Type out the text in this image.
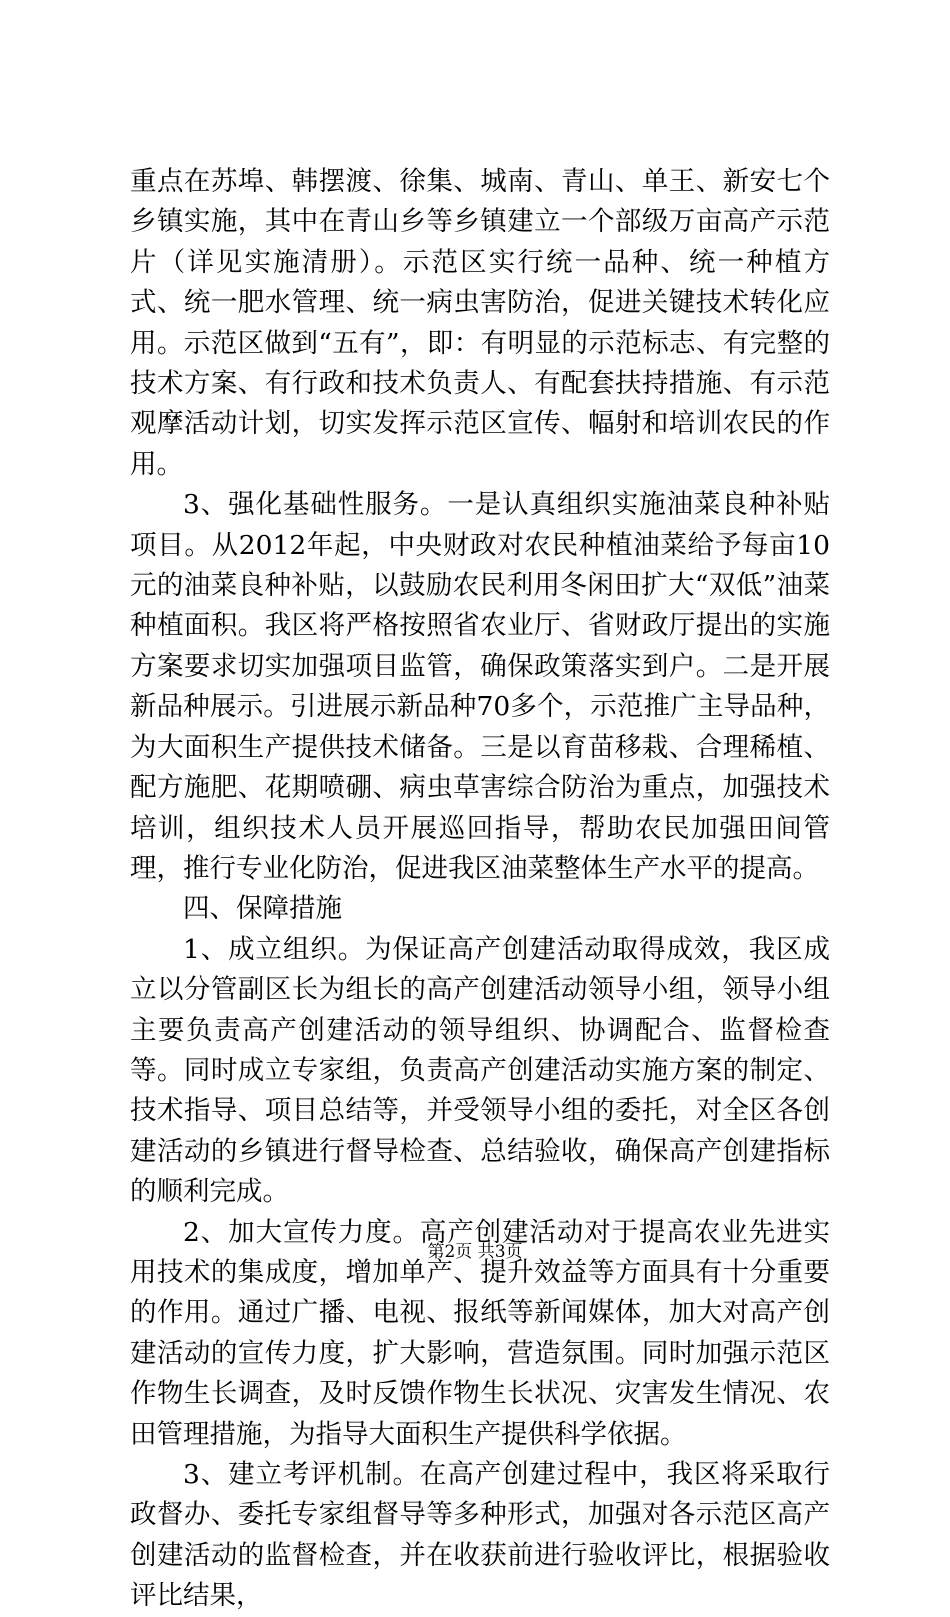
重点在苏埠、韩摆渡、徐集、城南、青山、单王、新安七个乡镇实施，其中在青山乡等乡镇建立一个部级万亩高产示范片（详见实施清册）。示范区实行统一品种、统一种植方式、统一肥水管理、统一病虫害防治，促进关键技术转化应用。示范区做到“五有”，即：有明显的示范标志、有完整的技术方案、有行政和技术负责人、有配套扶持措施、有示范观摩活动计划，切实发挥示范区宣传、幅射和培训农民的作用。

3、强化基础性服务。一是认真组织实施油菜良种补贴项目。从2012年起，中央财政对农民种植油菜给予每亩10元的油菜良种补贴，以鼓励农民利用冬闲田扩大“双低”油菜种植面积。我区将严格按照省农业厅、省财政厅提出的实施方案要求切实加强项目监管，确保政策落实到户。二是开展新品种展示。引进展示新品种70多个，示范推广主导品种，为大面积生产提供技术储备。三是以育苗移栽、合理稀植、配方施肥、花期喷硼、病虫草害综合防治为重点，加强技术培训，组织技术人员开展巡回指导，帮助农民加强田间管理，推行专业化防治，促进我区油菜整体生产水平的提高。

四、保障措施

1、成立组织。为保证高产创建活动取得成效，我区成立以分管副区长为组长的高产创建活动领导小组，领导小组主要负责高产创建活动的领导组织、协调配合、监督检查等。同时成立专家组，负责高产创建活动实施方案的制定、技术指导、项目总结等，并受领导小组的委托，对全区各创建活动的乡镇进行督导检查、总结验收，确保高产创建指标的顺利完成。

2、加大宣传力度。高产创建活动对于提高农业先进实用技术的集成度，增加单产、提升效益等方面具有十分重要的作用。通过广播、电视、报纸等新闻媒体，加大对高产创建活动的宣传力度，扩大影响，营造氛围。同时加强示范区作物生长调查，及时反馈作物生长状况、灾害发生情况、农田管理措施，为指导大面积生产提供科学依据。

3、建立考评机制。在高产创建过程中，我区将采取行政督办、委托专家组督导等多种形式，加强对各示范区高产创建活动的监督检查，并在收获前进行验收评比，根据验收评比结果，

第2页 共3页
